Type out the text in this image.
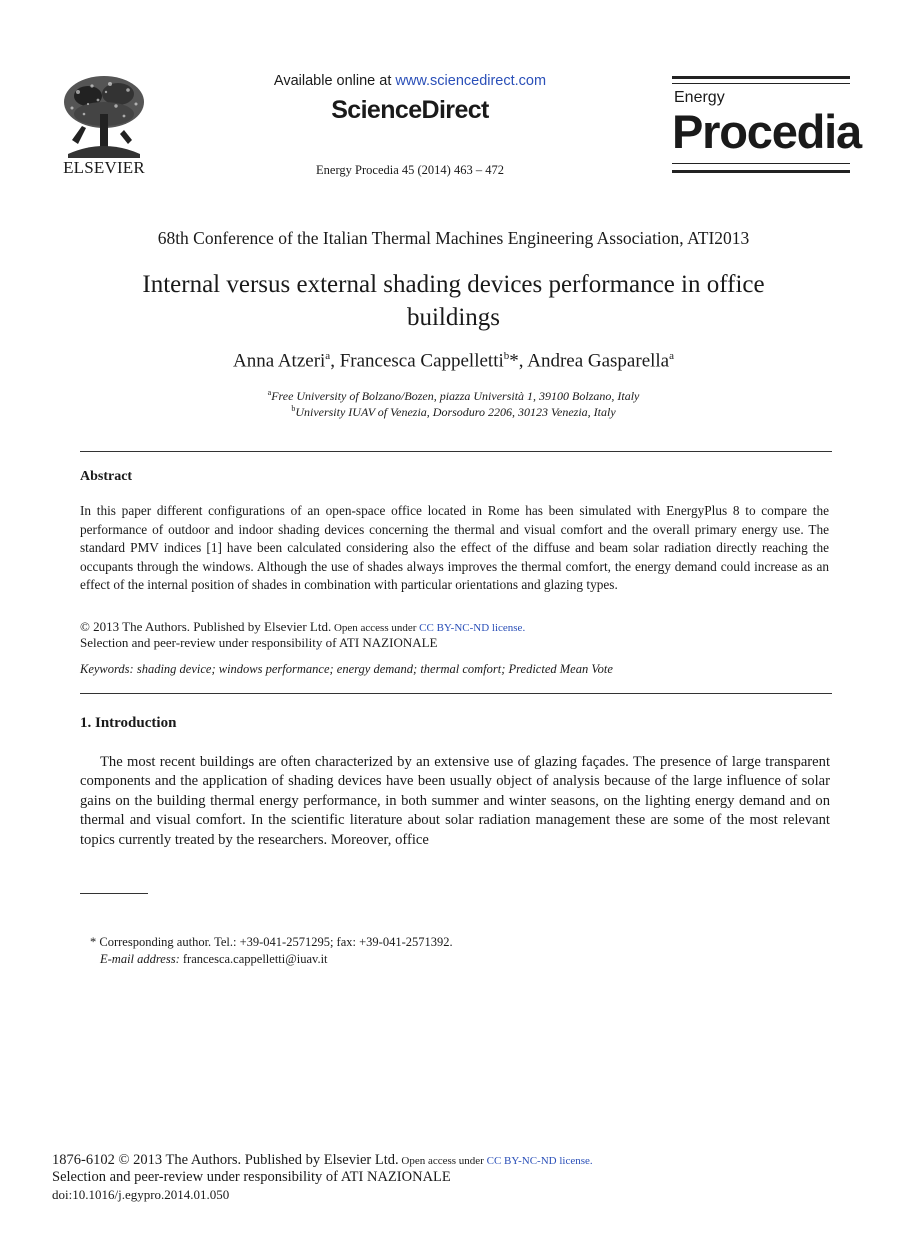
ELSEVIER
Available online at www.sciencedirect.com
ScienceDirect
Energy Procedia 45 (2014) 463 – 472
Energy
Procedia
68th Conference of the Italian Thermal Machines Engineering Association, ATI2013
Internal versus external shading devices performance in office
buildings
Anna Atzeri$^a$, Francesca Cappelletti$^b$*, Andrea Gasparella$^a$
$^a$Free University of Bolzano/Bozen, piazza Università 1, 39100 Bolzano, Italy
$^b$University IUAV of Venezia, Dorsoduro 2206, 30123 Venezia, Italy
Abstract
In this paper different configurations of an open-space office located in Rome has been simulated with EnergyPlus 8 to compare the performance of outdoor and indoor shading devices concerning the thermal and visual comfort and the overall primary energy use. The standard PMV indices [1] have been calculated considering also the effect of the diffuse and beam solar radiation directly reaching the occupants through the windows. Although the use of shades always improves the thermal comfort, the energy demand could increase as an effect of the internal position of shades in combination with particular orientations and glazing types.
© 2013 The Authors. Published by Elsevier Ltd. Open access under CC BY-NC-ND license.
Selection and peer-review under responsibility of ATI NAZIONALE
Keywords: shading device; windows performance; energy demand; thermal comfort; Predicted Mean Vote
1. Introduction
The most recent buildings are often characterized by an extensive use of glazing façades. The presence of large transparent components and the application of shading devices have been usually object of analysis because of the large influence of solar gains on the building thermal energy performance, in both summer and winter seasons, on the lighting energy demand and on thermal and visual comfort. In the scientific literature about solar radiation management these are some of the most relevant topics currently treated by the researchers. Moreover, office
* Corresponding author. Tel.: +39-041-2571295; fax: +39-041-2571392.
E-mail address: francesca.cappelletti@iuav.it
1876-6102 © 2013 The Authors. Published by Elsevier Ltd. Open access under CC BY-NC-ND license.
Selection and peer-review under responsibility of ATI NAZIONALE
doi:10.1016/j.egypro.2014.01.050
